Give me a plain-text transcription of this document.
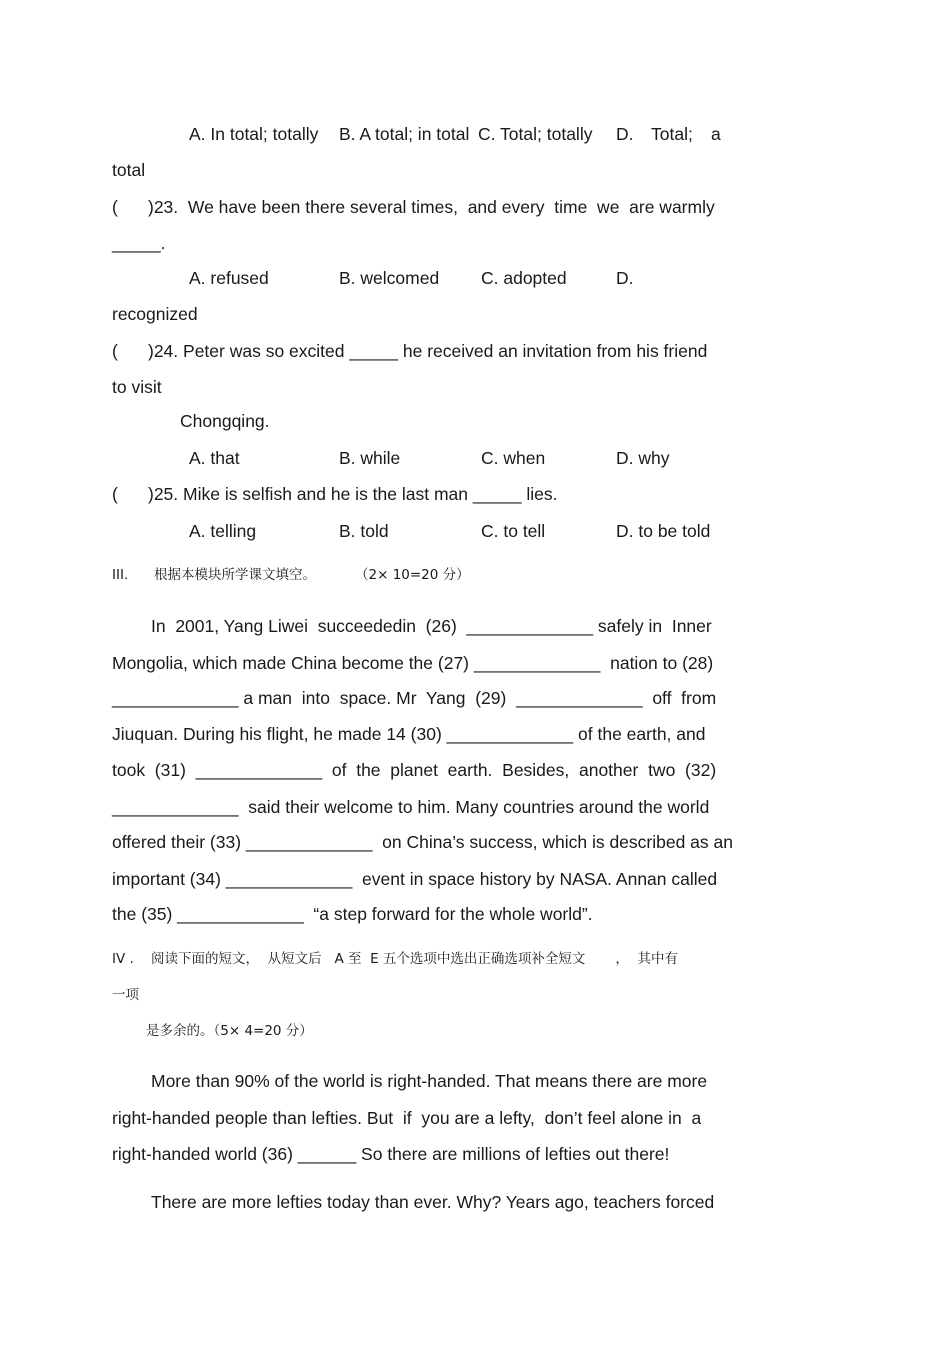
A. In total; totally B. A total; in total C. Total; totally D. Total; a
total
( )23.  We have been there several times,  and every  time  we  are warmly
_____.
A. refused	B. welcomed C. adopted	D.
recognized
( )24. Peter was so excited _____ he received an invitation from his friend
to visit
Chongqing.
A. that	B. while	C. when	D. why
( )25. Mike is selfish and he is the last man _____ lies.
A. telling	B. told	C. to tell	D. to be told
III. 根据本模块所学课文填空。	（2× 10=20 分）
In  2001, Yang Liwei  succeededin  (26)  _____________ safely in  Inner
Mongolia, which made China become the (27) _____________  nation to (28)
_____________ a man  into  space. Mr  Yang  (29)  _____________  off  from
Jiuquan. During his flight, he made 14 (30) _____________ of the earth, and
took  (31)  _____________  of  the  planet  earth.  Besides,  another  two  (32)
_____________  said their welcome to him. Many countries around the world
offered their (33) _____________  on China’s success, which is described as an
important (34) _____________  event in space history by NASA. Annan called
the (35) _____________  “a step forward for the whole world”.
IV . 阅读下面的短文，  从短文后   A 至  E 五个选项中选出正确选项补全短文       ，  其中有
一项
是多余的。（5× 4=20 分）
More than 90% of the world is right-handed. That means there are more
right-handed people than lefties. But  if  you are a lefty,  don’t feel alone in  a
right-handed world (36) ______ So there are millions of lefties out there!
There are more lefties today than ever. Why? Years ago, teachers forced
